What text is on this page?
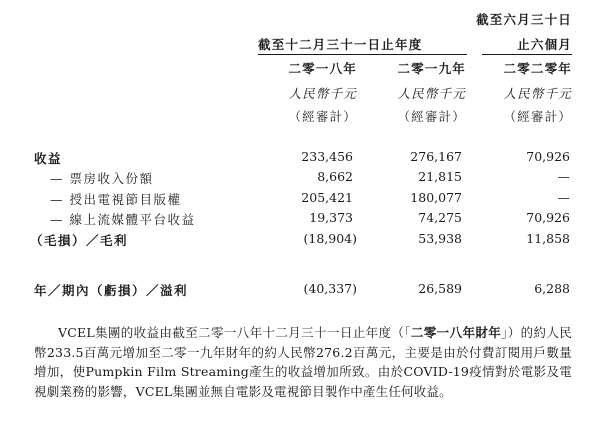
截至六月三十日
截至十二月三十一日止年度	止六個月
二零一八年	二零一九年	二零二零年
人民幣千元	人民幣千元	人民幣千元
（經審計）	（經審計）	（經審計）
收益	233,456	276,167	70,926
— 票房收入份額	8,662	21,815	—
— 授出電視節目版權	205,421	180,077	—
— 線上流媒體平台收益	19,373	74,275	70,926
（毛損）／毛利	(18,904)	53,938	11,858
年／期內（虧損）／溢利	(40,337)	26,589	6,288
VCEL集團的收益由截至二零一八年十二月三十一日止年度（「二零一八年財年」）的約人民幣233.5百萬元增加至二零一九年財年的約人民幣276.2百萬元，主要是由於付費訂閱用戶數量增加，使Pumpkin Film Streaming產生的收益增加所致。由於COVID-19疫情對於電影及電視劇業務的影響，VCEL集團並無自電影及電視節目製作中產生任何收益。
